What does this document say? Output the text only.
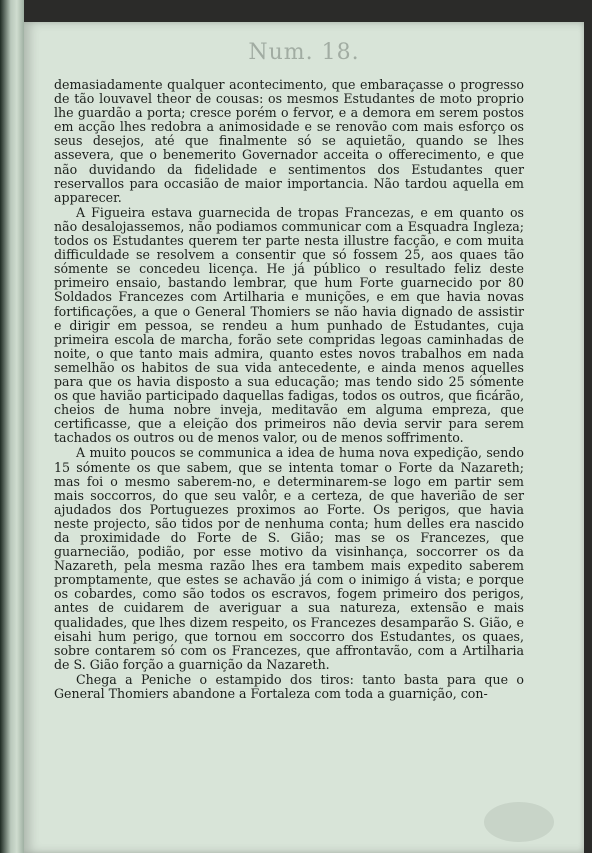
Num. 18.

demasiadamente qualquer acontecimento, que embaraçasse o progresso de tão louvavel theor de cousas: os mesmos Estudantes de moto proprio lhe guardão a porta; cresce porém o fervor, e a demora em serem postos em acção lhes redobra a animosidade e se renovão com mais esforço os seus desejos, até que finalmente só se aquietão, quando se lhes assevera, que o benemerito Governador acceita o offerecimento, e que não duvidando da fidelidade e sentimentos dos Estudantes quer reservallos para occasião de maior importancia. Não tardou aquella em apparecer.

A Figueira estava guarnecida de tropas Francezas, e em quanto os não desalojassemos, não podiamos communicar com a Esquadra Ingleza; todos os Estudantes querem ter parte nesta illustre facção, e com muita difficuldade se resolvem a consentir que só fossem 25, aos quaes tão sómente se concedeu licença. He já público o resultado feliz deste primeiro ensaio, bastando lembrar, que hum Forte guarnecido por 80 Soldados Francezes com Artilharia e munições, e em que havia novas fortificações, a que o General Thomiers se não havia dignado de assistir e dirigir em pessoa, se rendeu a hum punhado de Estudantes, cuja primeira escola de marcha, forão sete compridas legoas caminhadas de noite, o que tanto mais admira, quanto estes novos trabalhos em nada semelhão os habitos de sua vida antecedente, e ainda menos aquelles para que os havia disposto a sua educação; mas tendo sido 25 sómente os que havião participado daquellas fadigas, todos os outros, que ficárão, cheios de huma nobre inveja, meditavão em alguma empreza, que certificasse, que a eleição dos primeiros não devia servir para serem tachados os outros ou de menos valor, ou de menos soffrimento.

A muito poucos se communica a idea de huma nova expedição, sendo 15 sómente os que sabem, que se intenta tomar o Forte da Nazareth; mas foi o mesmo saberem-no, e determinarem-se logo em partir sem mais soccorros, do que seu valôr, e a certeza, de que haverião de ser ajudados dos Portuguezes proximos ao Forte. Os perigos, que havia neste projecto, são tidos por de nenhuma conta; hum delles era nascido da proximidade do Forte de S. Gião; mas se os Francezes, que guarnecião, podião, por esse motivo da visinhança, soccorrer os da Nazareth, pela mesma razão lhes era tambem mais expedito saberem promptamente, que estes se achavão já com o inimigo á vista; e porque os cobardes, como são todos os escravos, fogem primeiro dos perigos, antes de cuidarem de averiguar a sua natureza, extensão e mais qualidades, que lhes dizem respeito, os Francezes desamparão S. Gião, e eisahi hum perigo, que tornou em soccorro dos Estudantes, os quaes, sobre contarem só com os Francezes, que affrontavão, com a Artilharia de S. Gião forção a guarnição da Nazareth.

Chega a Peniche o estampido dos tiros: tanto basta para que o General Thomiers abandone a Fortaleza com toda a guarnição, con-
